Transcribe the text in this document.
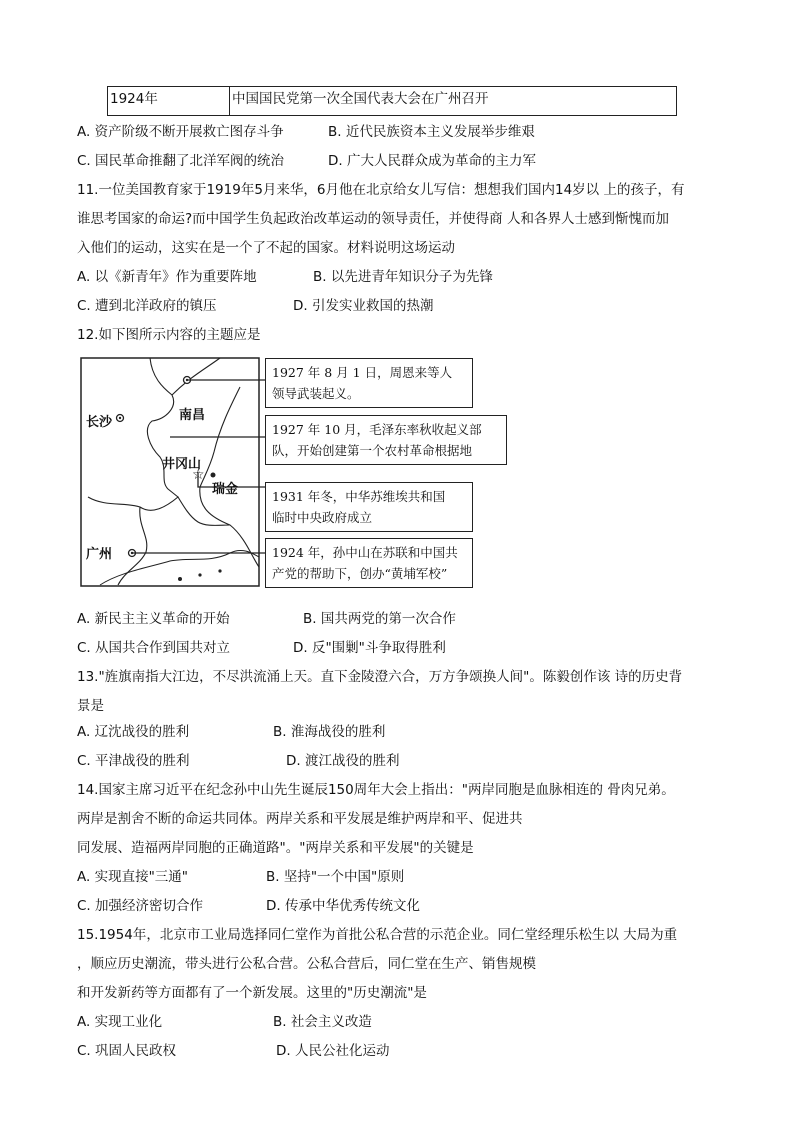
1924年	中国国民党第一次全国代表大会在广州召开
A. 资产阶级不断开展救亡图存斗争	B. 近代民族资本主义发展举步维艰
C. 国民革命推翻了北洋军阀的统治	D. 广大人民群众成为革命的主力军
11.一位美国教育家于1919年5月来华，6月他在北京给女儿写信：想想我们国内14岁以 上的孩子，有
谁思考国家的命运?而中国学生负起政治改革运动的领导责任，并使得商 人和各界人士感到惭愧而加
入他们的运动，这实在是一个了不起的国家。材料说明这场运动
A. 以《新青年》作为重要阵地	B. 以先进青年知识分子为先锋
C. 遭到北洋政府的镇压	D. 引发实业救国的热潮
12.如下图所示内容的主题应是
☆
长沙	南昌
井冈山
瑞金
广州
1927 年 8 月 1 日，周恩来等人
领导武装起义。
1927 年 10 月，毛泽东率秋收起义部
队，开始创建第一个农村革命根据地
1931 年冬，中华苏维埃共和国
临时中央政府成立
1924 年，孙中山在苏联和中国共
产党的帮助下，创办“黄埔军校”
A. 新民主主义革命的开始	B. 国共两党的第一次合作
C. 从国共合作到国共对立	D. 反"围剿"斗争取得胜利
13."旌旗南指大江边，不尽洪流涌上天。直下金陵澄六合，万方争颂换人间"。陈毅创作该 诗的历史背
景是
A. 辽沈战役的胜利	B. 淮海战役的胜利
C. 平津战役的胜利	D. 渡江战役的胜利
14.国家主席习近平在纪念孙中山先生诞辰150周年大会上指出："两岸同胞是血脉相连的 骨肉兄弟。
两岸是割舍不断的命运共同体。两岸关系和平发展是维护两岸和平、促进共
同发展、造福两岸同胞的正确道路"。"两岸关系和平发展"的关键是
A. 实现直接"三通"	B. 坚持"一个中国"原则
C. 加强经济密切合作	D. 传承中华优秀传统文化
15.1954年，北京市工业局选择同仁堂作为首批公私合营的示范企业。同仁堂经理乐松生以 大局为重
，顺应历史潮流，带头进行公私合营。公私合营后，同仁堂在生产、销售规模
和开发新药等方面都有了一个新发展。这里的"历史潮流"是
A. 实现工业化	B. 社会主义改造
C. 巩固人民政权	D. 人民公社化运动
